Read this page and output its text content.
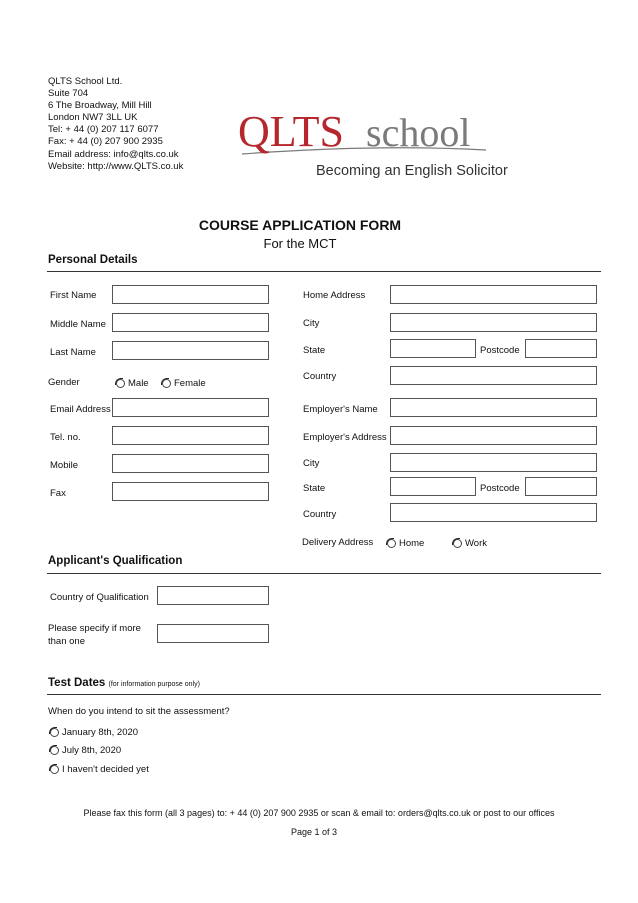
QLTS School Ltd.
Suite 704
6 The Broadway, Mill Hill
London NW7 3LL UK
Tel: + 44 (0) 207 117 6077
Fax: + 44 (0) 207 900 2935
Email address: info@qlts.co.uk
Website: http://www.QLTS.co.uk
QLTS school
Becoming an English Solicitor
COURSE APPLICATION FORM
For the MCT
Personal Details
First Name
Middle Name
Last Name
Gender	Male	Female
Email Address
Tel. no.
Mobile
Fax
Home Address
City
State	Postcode
Country
Employer's Name
Employer's Address
City
State	Postcode
Country
Delivery Address	Home	Work
Applicant's Qualification
Country of Qualification
Please specify if more
than one
Test Dates (for information purpose only)
When do you intend to sit the assessment?
January 8th, 2020
July 8th, 2020
I haven't decided yet
Please fax this form (all 3 pages) to: + 44 (0) 207 900 2935 or scan & email to: orders@qlts.co.uk or post to our offices
Page 1 of 3
